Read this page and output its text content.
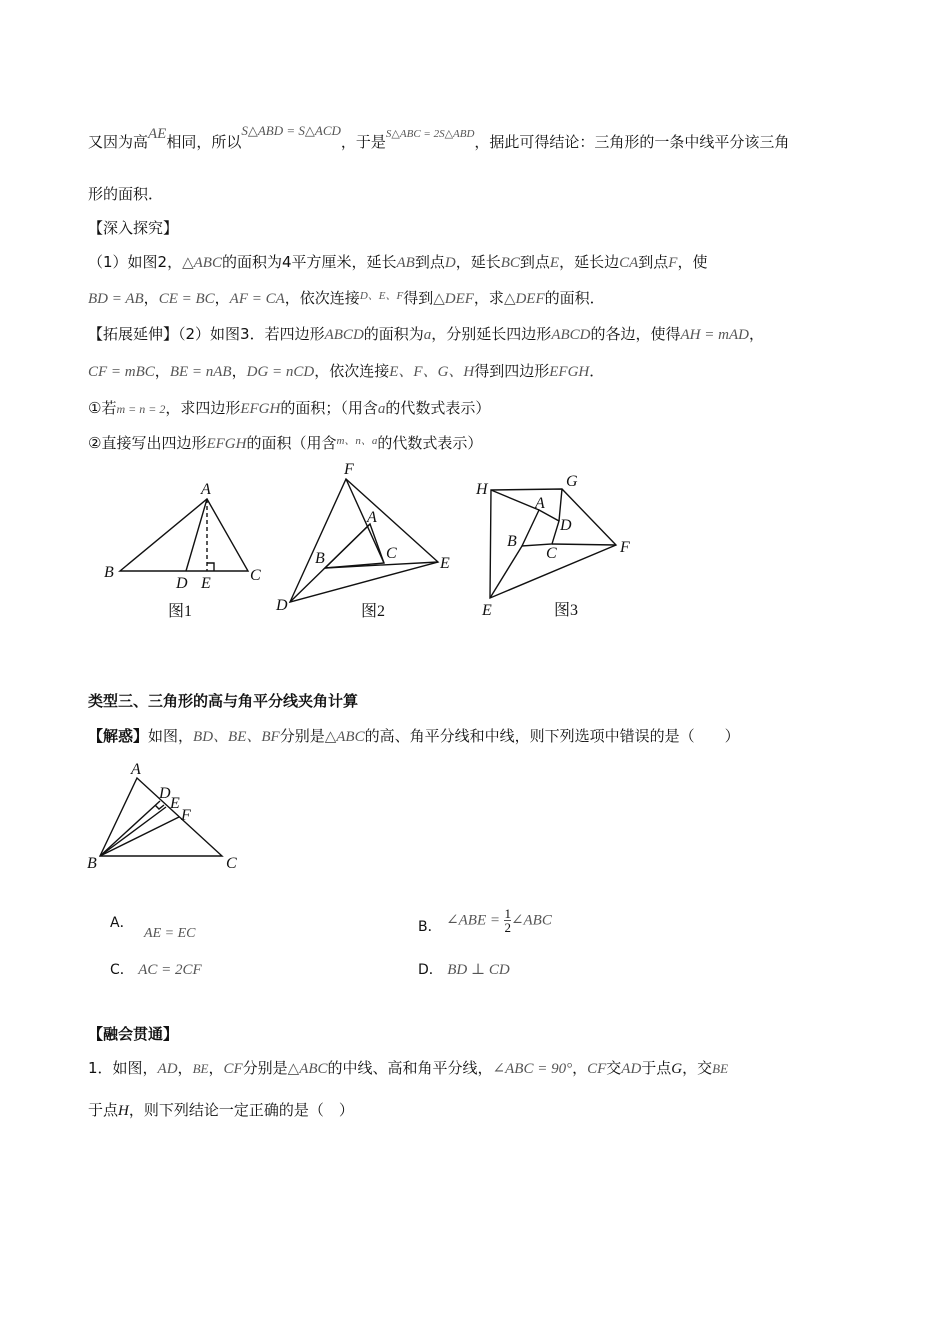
又因为高AE相同，所以S△ABD = S△ACD，于是$^{S\triangle ABC = 2S\triangle ABD}$，据此可得结论：三角形的一条中线平分该三角
形的面积．
【深入探究】
（1）如图2，△ABC的面积为4平方厘米，延长AB到点D，延长BC到点E，延长边CA到点F，使
BD = AB，CE = BC，AF = CA，依次连接$^{D、E、F}$得到△DEF，求△DEF的面积．
【拓展延伸】（2）如图3．若四边形ABCD的面积为a，分别延长四边形ABCD的各边，使得AH = mAD，
CF = mBC，BE = nAB，DG = nCD，依次连接E、F、G、H得到四边形EFGH．
①若m = n = 2，求四边形EFGH的面积；（用含a的代数式表示）
②直接写出四边形EFGH的面积（用含$^{m、n、a}$的代数式表示）
A
B	C
D E
图1
F
A
B	C
D
E
图2
H	G
A
D
B
C	F
E	图3
类型三、三角形的高与角平分线夹角计算
【解惑】如图，BD、BE、BF分别是△ABC的高、角平分线和中线，则下列选项中错误的是（　　）
A
D
E
F
B	C
A． AE = EC	B． ∠ABE = $\frac{1}{2}$ ∠ABC
C． AC = 2CF	D． BD ⊥ CD
【融会贯通】
1．如图，AD，BE，CF分别是△ABC的中线、高和角平分线，∠ABC = 90°，CF交AD于点G，交BE
于点H，则下列结论一定正确的是（　）
